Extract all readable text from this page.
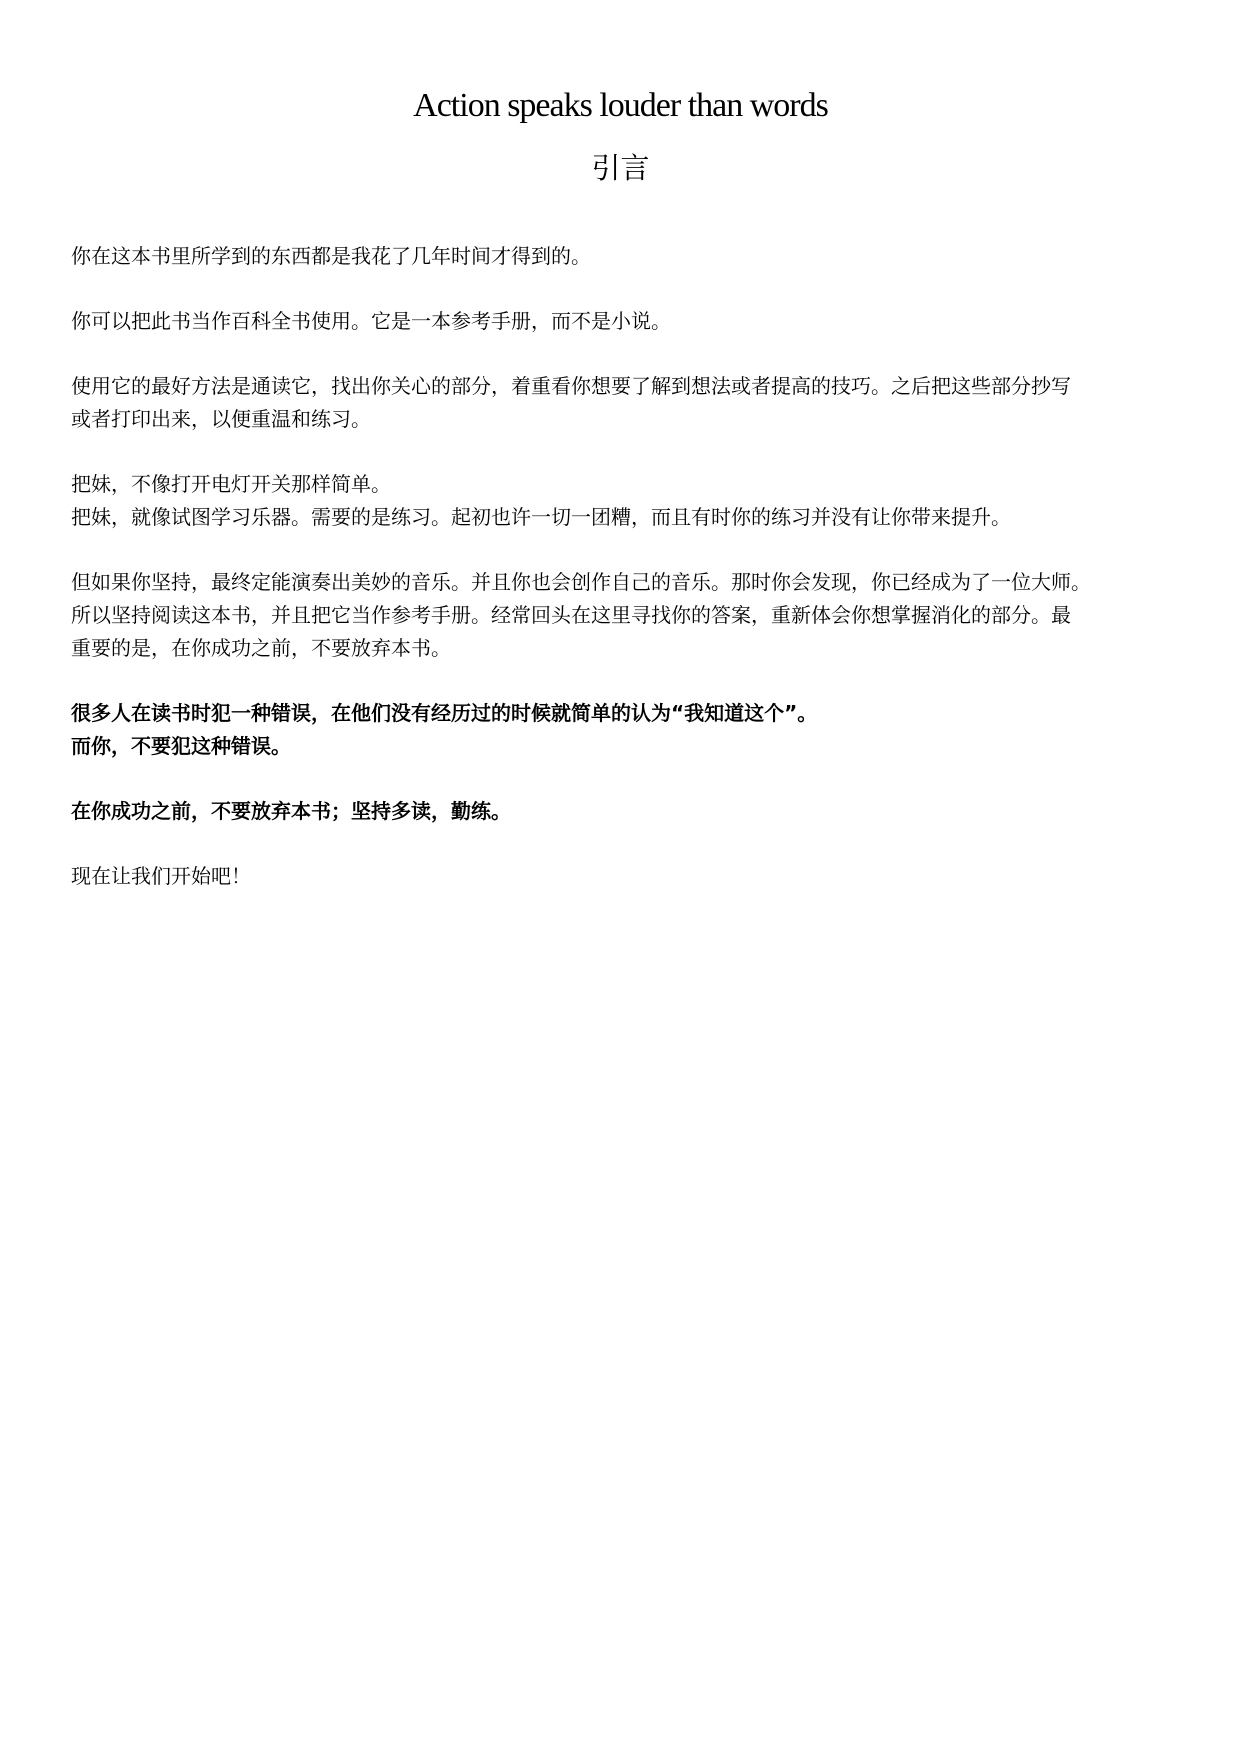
Action speaks louder than words
引言

你在这本书里所学到的东西都是我花了几年时间才得到的。

你可以把此书当作百科全书使用。它是一本参考手册，而不是小说。

使用它的最好方法是通读它，找出你关心的部分，着重看你想要了解到想法或者提高的技巧。之后把这些部分抄写
或者打印出来，以便重温和练习。

把妹，不像打开电灯开关那样简单。
把妹，就像试图学习乐器。需要的是练习。起初也许一切一团糟，而且有时你的练习并没有让你带来提升。

但如果你坚持，最终定能演奏出美妙的音乐。并且你也会创作自己的音乐。那时你会发现，你已经成为了一位大师。
所以坚持阅读这本书，并且把它当作参考手册。经常回头在这里寻找你的答案，重新体会你想掌握消化的部分。最
重要的是，在你成功之前，不要放弃本书。

很多人在读书时犯一种错误，在他们没有经历过的时候就简单的认为“我知道这个”。
而你，不要犯这种错误。

在你成功之前，不要放弃本书；坚持多读，勤练。

现在让我们开始吧！
